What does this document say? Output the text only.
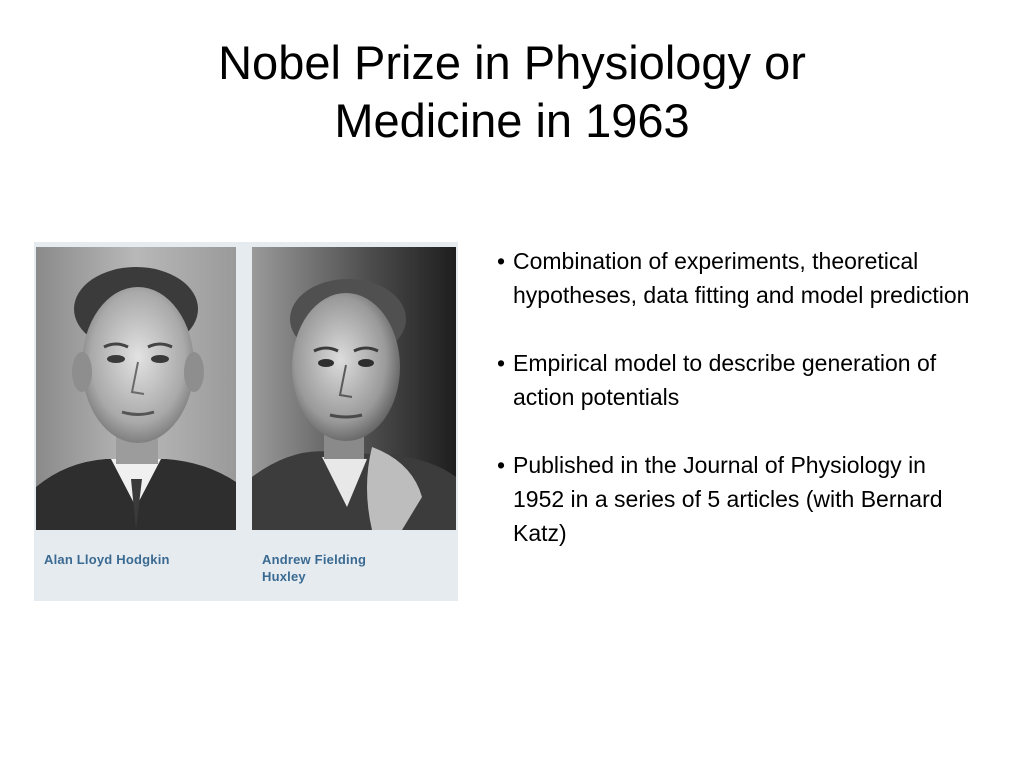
Nobel Prize in Physiology or
Medicine in 1963
Alan Lloyd Hodgkin	Andrew Fielding
Huxley
• Combination of experiments, theoretical hypotheses, data fitting and model prediction
• Empirical model to describe generation of action potentials
• Published in the Journal of Physiology in 1952 in a series of 5 articles (with Bernard Katz)
